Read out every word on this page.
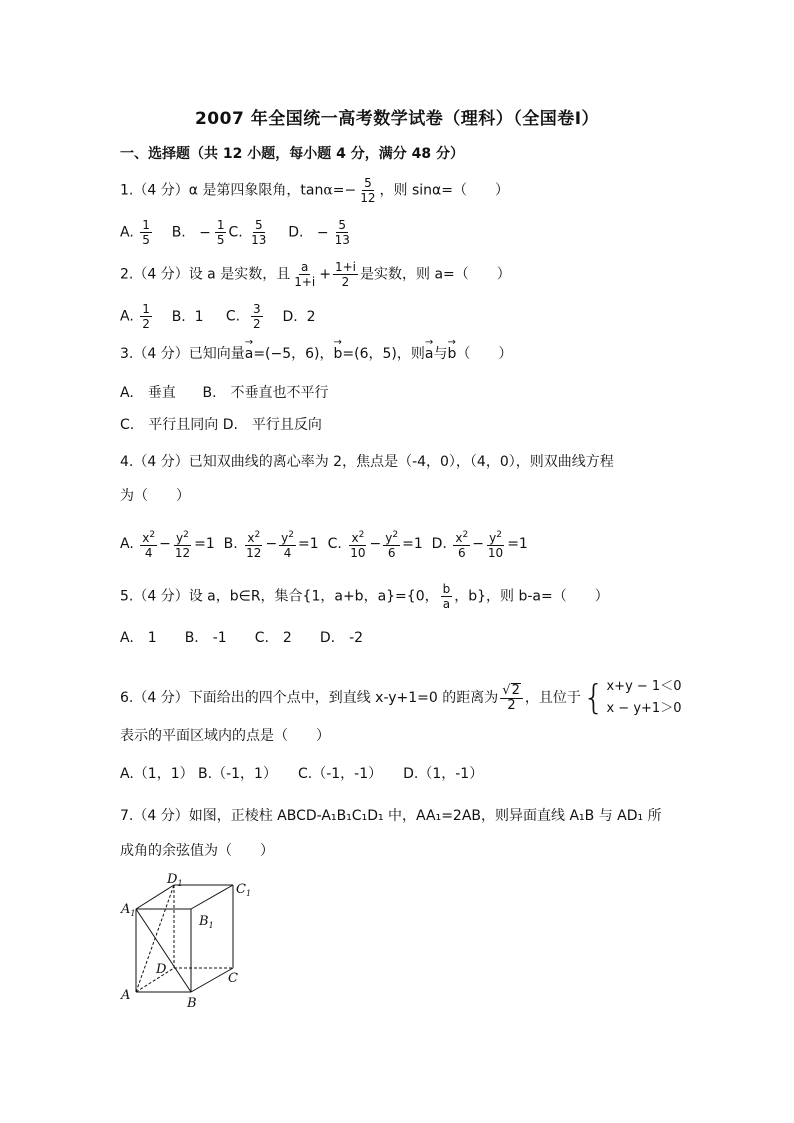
2007 年全国统一高考数学试卷（理科）（全国卷Ⅰ）
一、选择题（共 12 小题，每小题 4 分，满分 48 分）
1.（4 分）α 是第四象限角，$\tan\alpha=- \frac{5}{12}$ ，则 sinα=（　　）
A. $\frac{1}{5} B$. − $\frac{1}{5} C$. $\frac{5}{13} D$. − $\frac{5}{13}$
2.（4 分）设 a 是实数，且 $\frac{a}{1+i} + \frac{1+i}{2}$ 是实数，则 a=（　　）
A. $\frac{1}{2} B$. 1 C. $\frac{3}{2} D$. 2
3.（4 分）已知向量→ a=(−5，6)，→ b=(6，5)，则→ a与→ b（　　）
A.　垂直 B.　不垂直也不平行
C.　平行且同向 D.　平行且反向
4.（4 分）已知双曲线的离心率为 2，焦点是（-4，0），（4，0），则双曲线方程
为（　　）
A. $\frac{x^2}{4} - \frac{y^2}{12} =1$ B. $\frac{x^2}{12} - \frac{y^2}{4} =1$ C. $\frac{x^2}{10} - \frac{y^2}{6} =1$ D. $\frac{x^2}{6} - \frac{y^2}{10} =1$
5.（4 分）设 a，b∈R，集合{1，a+b，a}={0， $\frac{b}{a}$ ，b}，则 b-a=（　　）
A.　1　　B.　-1　　C.　2　　D.　-2
6.（4 分）下面给出的四个点中，到直线 x-y+1=0 的距离为 $\frac{√ 2}{2}$ ，且位于 { x+y − 1＜0
x − y+1＞0
表示的平面区域内的点是（　　）
A.（1，1） B.（-1，1）　　C.（-1，-1）　　D.（1，-1）
7.（4 分）如图，正棱柱 ABCD-A₁B₁C₁D₁ 中，AA₁=2AB，则异面直线 A₁B 与 AD₁ 所
成角的余弦值为（　　）
$D_1$	$C_1$
$A_1$
$B_1$
D
C
A
B
